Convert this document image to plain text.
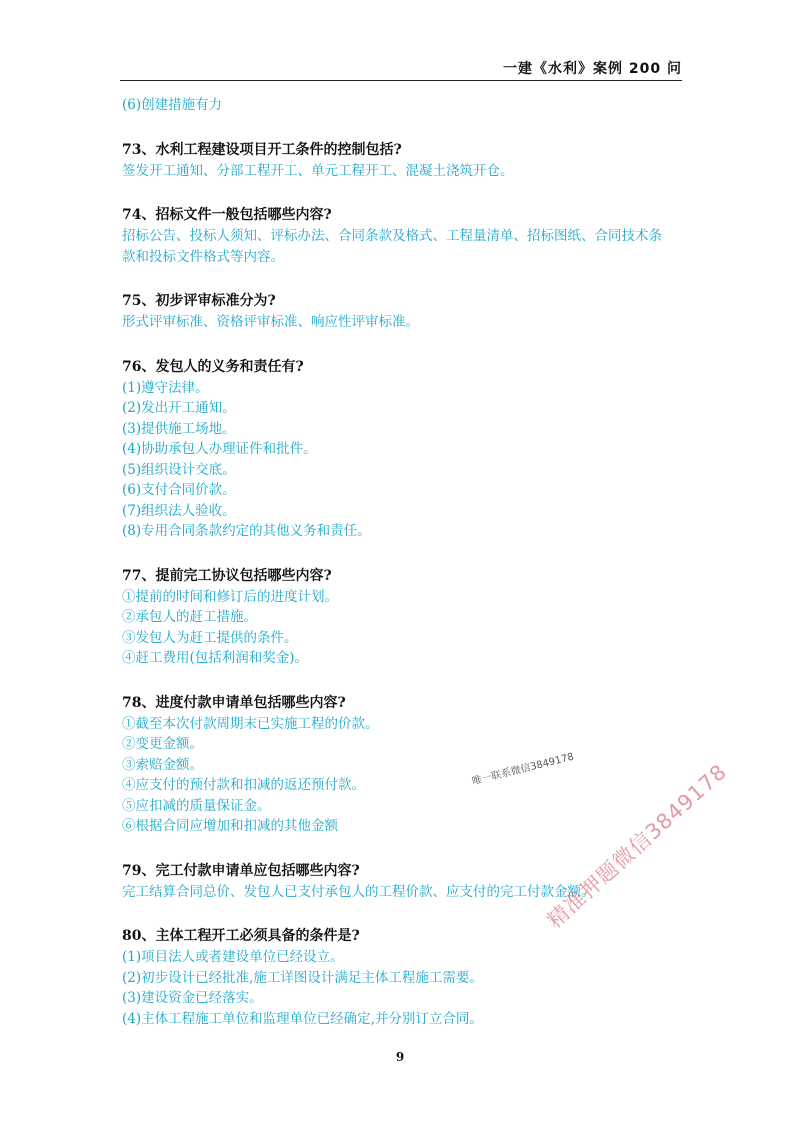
一建《水利》案例 200 问
(6)创建措施有力
73、水利工程建设项目开工条件的控制包括?
签发开工通知、分部工程开工、单元工程开工、混凝土浇筑开仓。
74、招标文件一般包括哪些内容?
招标公告、投标人须知、评标办法、合同条款及格式、工程量清单、招标图纸、合同技术条
款和投标文件格式等内容。
75、初步评审标准分为?
形式评审标准、资格评审标准、响应性评审标准。
76、发包人的义务和责任有?
(1)遵守法律。
(2)发出开工通知。
(3)提供施工场地。
(4)协助承包人办理证件和批件。
(5)组织设计交底。
(6)支付合同价款。
(7)组织法人验收。
(8)专用合同条款约定的其他义务和责任。
77、提前完工协议包括哪些内容?
①提前的时间和修订后的进度计划。
②承包人的赶工措施。
③发包人为赶工提供的条件。
④赶工费用(包括利润和奖金)。
78、进度付款申请单包括哪些内容?
①截至本次付款周期末已实施工程的价款。
②变更金额。
③索赔金额。
④应支付的预付款和扣减的返还预付款。
⑤应扣减的质量保证金。
⑥根据合同应增加和扣减的其他金额
79、完工付款申请单应包括哪些内容?
完工结算合同总价、发包人已支付承包人的工程价款、应支付的完工付款金额。
80、主体工程开工必须具备的条件是?
(1)项目法人或者建设单位已经设立。
(2)初步设计已经批准,施工详图设计满足主体工程施工需要。
(3)建设资金已经落实。
(4)主体工程施工单位和监理单位已经确定,并分别订立合同。
唯一联系微信3849178
精准押题微信3849178
9
